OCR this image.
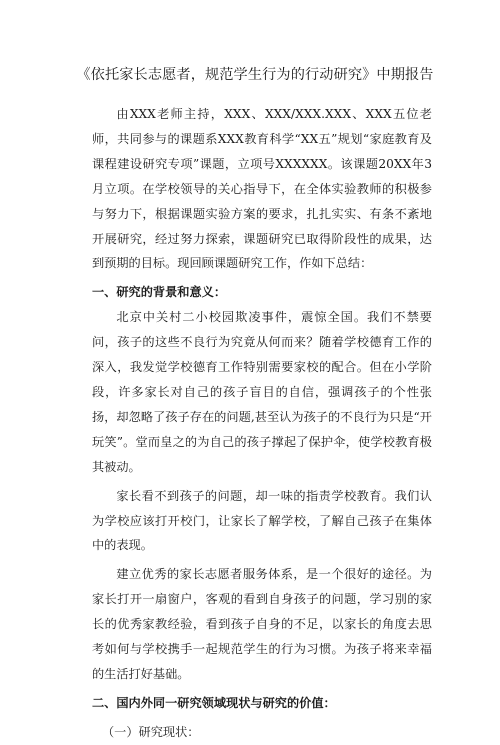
《依托家长志愿者，规范学生行为的行动研究》中期报告

由XXX老师主持，XXX、XXX/XXX.XXX、XXX五位老师，共同参与的课题系XXX教育科学“XX五”规划“家庭教育及课程建设研究专项”课题，立项号XXXXXX。该课题20XX年3月立项。在学校领导的关心指导下，在全体实验教师的积极参与努力下，根据课题实验方案的要求，扎扎实实、有条不紊地开展研究，经过努力探索，课题研究已取得阶段性的成果，达到预期的目标。现回顾课题研究工作，作如下总结：

一、研究的背景和意义：

北京中关村二小校园欺凌事件，震惊全国。我们不禁要问，孩子的这些不良行为究竟从何而来？随着学校德育工作的深入，我发觉学校德育工作特别需要家校的配合。但在小学阶段，许多家长对自己的孩子盲目的自信，强调孩子的个性张扬，却忽略了孩子存在的问题,甚至认为孩子的不良行为只是“开玩笑”。堂而皇之的为自己的孩子撑起了保护伞，使学校教育极其被动。

家长看不到孩子的问题，却一味的指责学校教育。我们认为学校应该打开校门，让家长了解学校，了解自己孩子在集体中的表现。

建立优秀的家长志愿者服务体系，是一个很好的途径。为家长打开一扇窗户，客观的看到自身孩子的问题，学习别的家长的优秀家教经验，看到孩子自身的不足，以家长的角度去思考如何与学校携手一起规范学生的行为习惯。为孩子将来幸福的生活打好基础。

二、国内外同一研究领域现状与研究的价值：

（一）研究现状：
